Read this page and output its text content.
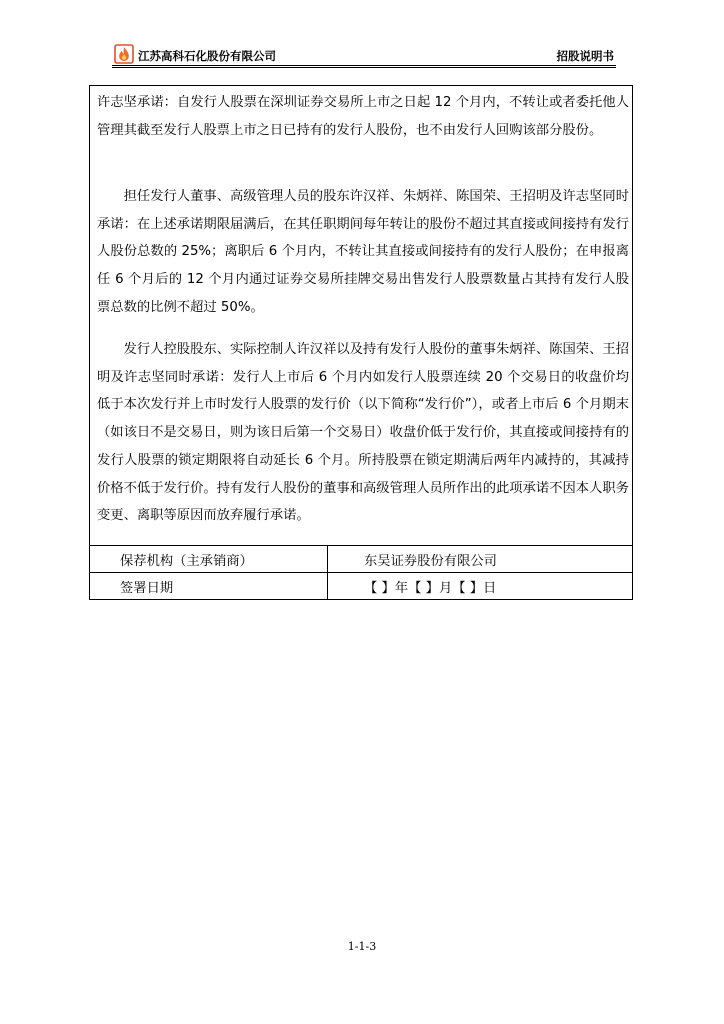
江苏高科石化股份有限公司	招股说明书

许志坚承诺：自发行人股票在深圳证券交易所上市之日起 12 个月内，不转让或者委托他人管理其截至发行人股票上市之日已持有的发行人股份，也不由发行人回购该部分股份。

担任发行人董事、高级管理人员的股东许汉祥、朱炳祥、陈国荣、王招明及许志坚同时承诺：在上述承诺期限届满后，在其任职期间每年转让的股份不超过其直接或间接持有发行人股份总数的 25%；离职后 6 个月内，不转让其直接或间接持有的发行人股份；在申报离任 6 个月后的 12 个月内通过证券交易所挂牌交易出售发行人股票数量占其持有发行人股票总数的比例不超过 50%。

发行人控股股东、实际控制人许汉祥以及持有发行人股份的董事朱炳祥、陈国荣、王招明及许志坚同时承诺：发行人上市后 6 个月内如发行人股票连续 20 个交易日的收盘价均低于本次发行并上市时发行人股票的发行价（以下简称“发行价”），或者上市后 6 个月期末（如该日不是交易日，则为该日后第一个交易日）收盘价低于发行价，其直接或间接持有的发行人股票的锁定期限将自动延长 6 个月。所持股票在锁定期满后两年内减持的，其减持价格不低于发行价。持有发行人股份的董事和高级管理人员所作出的此项承诺不因本人职务变更、离职等原因而放弃履行承诺。

保荐机构（主承销商）	东吴证券股份有限公司
签署日期	【 】年【 】月【 】日
1-1-3
